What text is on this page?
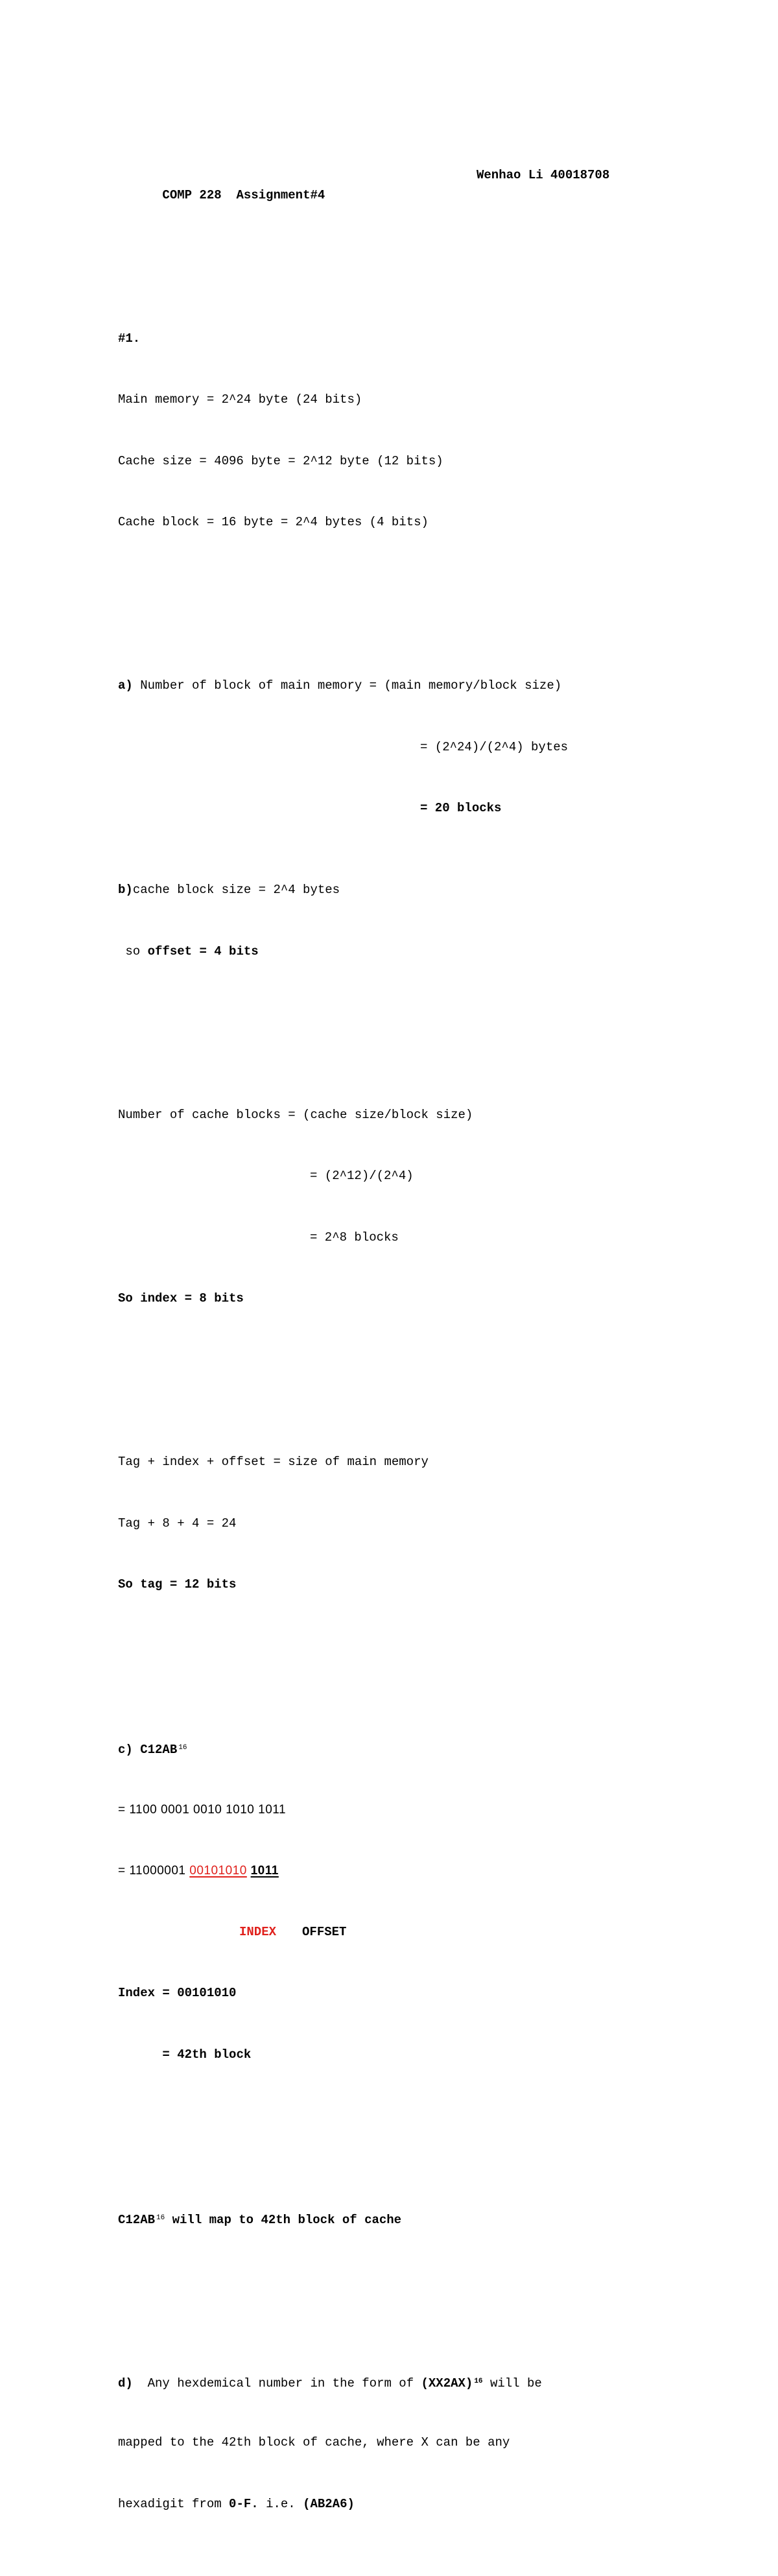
COMP 228 Assignment#4

Wenhao Li 40018708

#1.

Main memory = 2^24 byte (24 bits)

Cache size = 4096 byte = 2^12 byte (12 bits)

Cache block = 16 byte = 2^4 bytes (4 bits)

a) Number of block of main memory = (main memory/block size)

= (2^24)/(2^4) bytes

= 20 blocks

b)cache block size = 2^4 bytes

so offset = 4 bits

Number of cache blocks = (cache size/block size)

= (2^12)/(2^4)

= 2^8 blocks

So index = 8 bits

Tag + index + offset = size of main memory

Tag + 8 + 4 = 24

So tag = 12 bits

c) C12AB $_{16}$

= 1100 0001 0010 1010 1011

= 11000001 00101010 1011

INDEX OFFSET

Index = 00101010

= 42th block

C12AB $_{16}$ will map to 42th block of cache

d) Any hexdemical number in the form of (XX2AX) $_{16}$ will be

mapped to the 42th block of cache, where X can be any

hexadigit from 0-F. i.e. (AB2A6)
